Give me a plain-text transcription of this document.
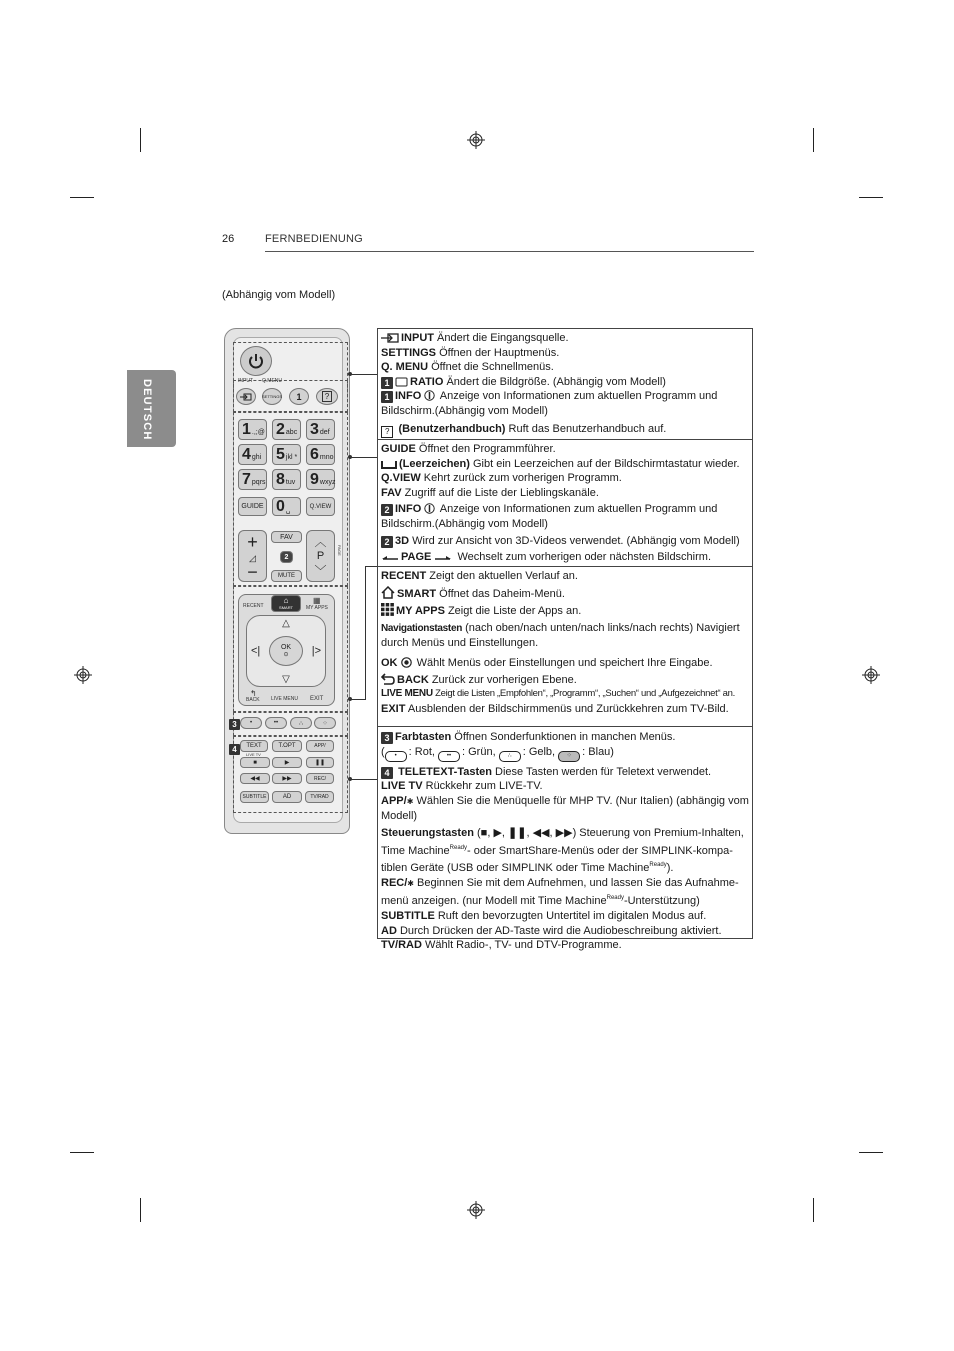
26	FERNBEDIENUNG
DEUTSCH
(Abhängig vom Modell)
INPUT Q.MENU
SETTINGS 1	?
1 .,;@ 2 abc 3 def
4 ghi 5 jkl * 6 mno
7 pqrs 8 tuv 9 wxyz
GUIDE 0 ␣	Q.VIEW
+
◿
−
FAV
2
MUTE
︿
P
﹀
PAGE
RECENT
⌂
SMART	MY APPS
▦
△
<|	|>
▽
OK
⊙
↰
BACK LIVE MENU EXIT
3	•	••	∴	⁘
4	TEXT
LIVE TV
T.OPT	APP/
■	▶	❚❚
◀◀	▶▶	REC/
SUBTITLE	AD	TV/RAD

INPUT Ändert die Eingangsquelle.

SETTINGS Öffnen der Hauptmenüs.

Q. MENU Öffnet die Schnellmenüs.

1 RATIO Ändert die Bildgröße. (Abhängig vom Modell)

1 INFO  Anzeige von Informationen zum aktuellen Programm und Bildschirm.(Abhängig vom Modell)

? (Benutzerhandbuch) Ruft das Benutzerhandbuch auf.

GUIDE Öffnet den Programmführer.

(Leerzeichen) Gibt ein Leerzeichen auf der Bildschirmtastatur wieder.

Q.VIEW Kehrt zurück zum vorherigen Programm.

FAV Zugriff auf die Liste der Lieblingskanäle.

2 INFO  Anzeige von Informationen zum aktuellen Programm und Bildschirm.(Abhängig vom Modell)

2 3D Wird zur Ansicht von 3D-Videos verwendet. (Abhängig vom Modell)

PAGE  Wechselt zum vorherigen oder nächsten Bildschirm.

RECENT Zeigt den aktuellen Verlauf an.

SMART Öffnet das Daheim-Menü.

MY APPS Zeigt die Liste der Apps an.

Navigationstasten (nach oben/nach unten/nach links/nach rechts) Navigiert durch Menüs und Einstellungen.

OK  Wählt Menüs oder Einstellungen und speichert Ihre Eingabe.

BACK Zurück zur vorherigen Ebene.

LIVE MENU Zeigt die Listen „Empfohlen“, „Programm“, „Suchen“ und „Aufgezeichnet“ an.

EXIT Ausblenden der Bildschirmmenüs und Zurückkehren zum TV-Bild.

3 Farbtasten Öffnen Sonderfunktionen in manchen Menüs.

( • : Rot, •• : Grün, ∴ : Gelb, ⁘ : Blau)

4 TELETEXT-Tasten Diese Tasten werden für Teletext verwendet.

LIVE TV Rückkehr zum LIVE-TV.

APP/✱ Wählen Sie die Menüquelle für MHP TV. (Nur Italien) (abhängig vom Modell)

Steuerungstasten (■, ▶, ❚❚, ◀◀, ▶▶) Steuerung von Premium-Inhalten, Time Machine$^{Ready}$- oder SmartShare-Menüs oder der SIMPLINK-kompa-tiblen Geräte (USB oder SIMPLINK oder Time Machine$^{Ready}$).

REC/✱ Beginnen Sie mit dem Aufnehmen, und lassen Sie das Aufnahme-menü anzeigen. (nur Modell mit Time Machine$^{Ready}$-Unterstützung)

SUBTITLE Ruft den bevorzugten Untertitel im digitalen Modus auf.

AD Durch Drücken der AD-Taste wird die Audiobeschreibung aktiviert.

TV/RAD Wählt Radio-, TV- und DTV-Programme.
